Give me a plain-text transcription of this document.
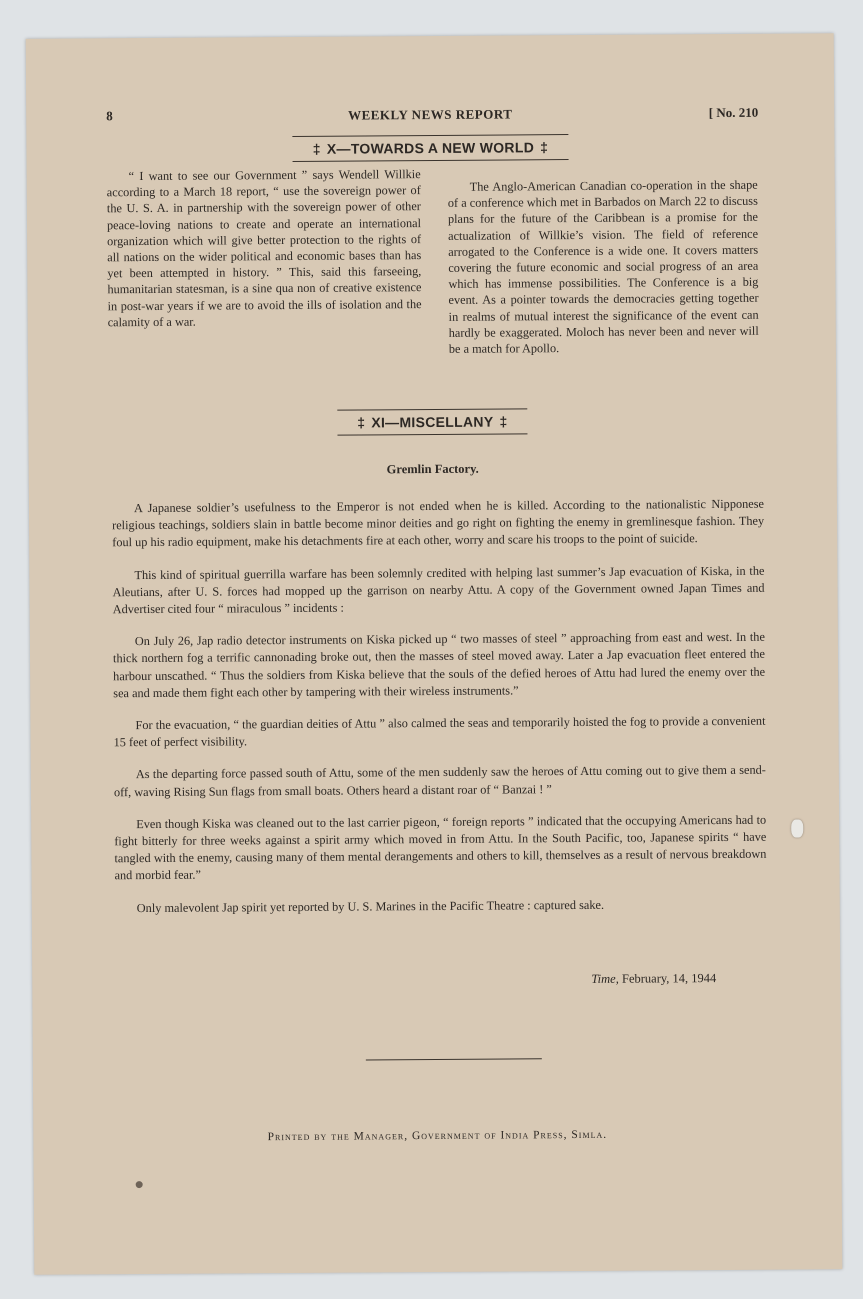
8	WEEKLY NEWS REPORT	[ No. 210
‡ X—TOWARDS A NEW WORLD ‡

“ I want to see our Government ” says Wendell Willkie according to a March 18 report, “ use the sovereign power of the U. S. A. in partnership with the sovereign power of other peace-loving nations to create and operate an international organization which will give better protection to the rights of all nations on the wider political and economic bases than has yet been attempted in history. ” This, said this farseeing, humanitarian statesman, is a sine qua non of creative existence in post-war years if we are to avoid the ills of isolation and the calamity of a war.

The Anglo-American Canadian co-operation in the shape of a conference which met in Barbados on March 22 to discuss plans for the future of the Caribbean is a promise for the actualization of Willkie’s vision. The field of reference arrogated to the Conference is a wide one. It covers matters covering the future economic and social progress of an area which has immense possibilities. The Conference is a big event. As a pointer towards the democracies getting together in realms of mutual interest the significance of the event can hardly be exaggerated. Moloch has never been and never will be a match for Apollo.

‡ XI—MISCELLANY ‡
Gremlin Factory.

A Japanese soldier’s usefulness to the Emperor is not ended when he is killed. According to the nationalistic Nipponese religious teachings, soldiers slain in battle become minor deities and go right on fighting the enemy in gremlinesque fashion. They foul up his radio equipment, make his detachments fire at each other, worry and scare his troops to the point of suicide.

This kind of spiritual guerrilla warfare has been solemnly credited with helping last summer’s Jap evacuation of Kiska, in the Aleutians, after U. S. forces had mopped up the garrison on nearby Attu. A copy of the Government owned Japan Times and Advertiser cited four “ miraculous ” incidents :

On July 26, Jap radio detector instruments on Kiska picked up “ two masses of steel ” approaching from east and west. In the thick northern fog a terrific cannonading broke out, then the masses of steel moved away. Later a Jap evacuation fleet entered the harbour unscathed. “ Thus the soldiers from Kiska believe that the souls of the defied heroes of Attu had lured the enemy over the sea and made them fight each other by tampering with their wireless instruments.”

For the evacuation, “ the guardian deities of Attu ” also calmed the seas and temporarily hoisted the fog to provide a convenient 15 feet of perfect visibility.

As the departing force passed south of Attu, some of the men suddenly saw the heroes of Attu coming out to give them a send-off, waving Rising Sun flags from small boats. Others heard a distant roar of “ Banzai ! ”

Even though Kiska was cleaned out to the last carrier pigeon, “ foreign reports ” indicated that the occupying Americans had to fight bitterly for three weeks against a spirit army which moved in from Attu. In the South Pacific, too, Japanese spirits “ have tangled with the enemy, causing many of them mental derangements and others to kill, themselves as a result of nervous breakdown and morbid fear.”

Only malevolent Jap spirit yet reported by U. S. Marines in the Pacific Theatre : captured sake.

Time, February, 14, 1944
Printed by the Manager, Government of India Press, Simla.
